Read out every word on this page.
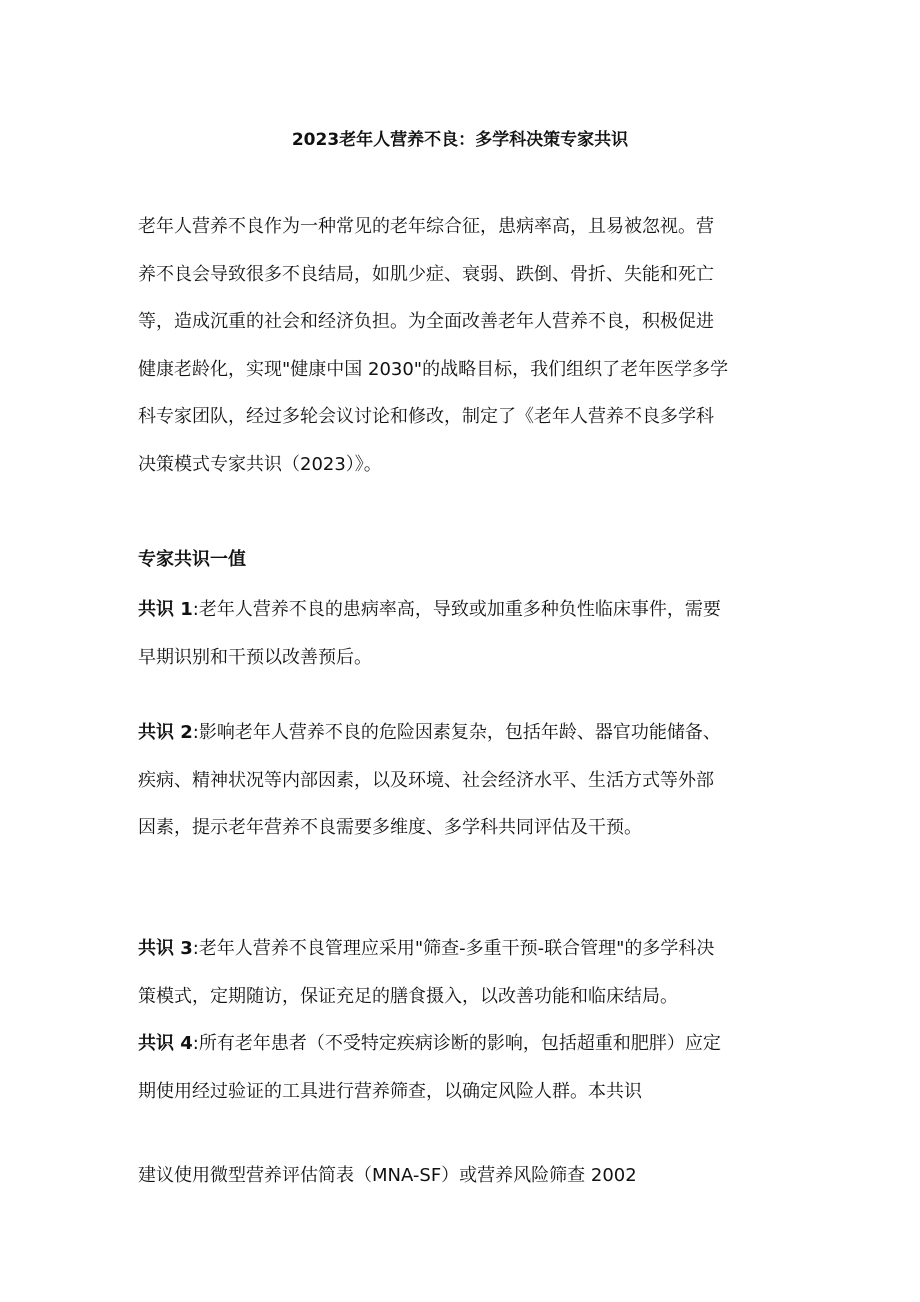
2023老年人营养不良：多学科决策专家共识
老年人营养不良作为一种常见的老年综合征，患病率高，且易被忽视。营
养不良会导致很多不良结局，如肌少症、衰弱、跌倒、骨折、失能和死亡
等，造成沉重的社会和经济负担。为全面改善老年人营养不良，积极促进
健康老龄化，实现"健康中国 2030"的战略目标，我们组织了老年医学多学
科专家团队，经过多轮会议讨论和修改，制定了《老年人营养不良多学科
决策模式专家共识（2023）》。
专家共识一值
共识 1:老年人营养不良的患病率高，导致或加重多种负性临床事件，需要
早期识别和干预以改善预后。
共识 2:影响老年人营养不良的危险因素复杂，包括年龄、器官功能储备、
疾病、精神状况等内部因素，以及环境、社会经济水平、生活方式等外部
因素，提示老年营养不良需要多维度、多学科共同评估及干预。
共识 3:老年人营养不良管理应采用"筛查-多重干预-联合管理"的多学科决
策模式，定期随访，保证充足的膳食摄入，以改善功能和临床结局。
共识 4:所有老年患者（不受特定疾病诊断的影响，包括超重和肥胖）应定
期使用经过验证的工具进行营养筛查，以确定风险人群。本共识
建议使用微型营养评估简表（MNA-SF）或营养风险筛查 2002
